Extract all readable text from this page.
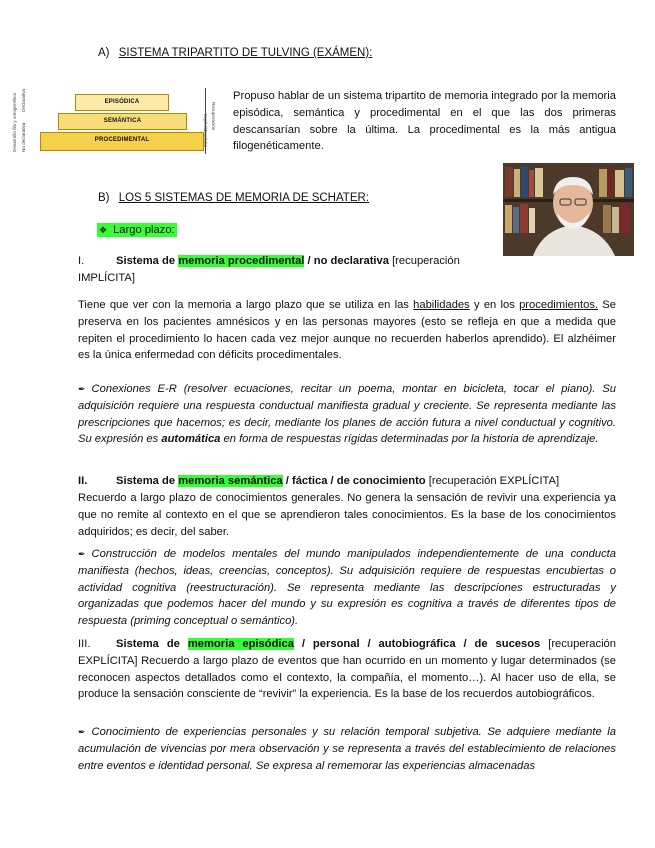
A) SISTEMA TRIPARTITO DE TULVING (EXÁMEN):
Desarrollo filo y ontogenético No declarativa
Declarativa	EPISÓDICA
SEMÁNTICA
PROCEDIMENTAL
Explícita Recuperación
Implícita
Propuso hablar de un sistema tripartito de memoria integrado por la memoria episódica, semántica y procedimental en el que las dos primeras descansarían sobre la última. La procedimental es la más antigua filogenéticamente.
B) LOS 5 SISTEMAS DE MEMORIA DE SCHATER:
❖ Largo plazo:
I.	Sistema de memoria procedimental / no declarativa [recuperación IMPLÍCITA]
Tiene que ver con la memoria a largo plazo que se utiliza en las habilidades y en los procedimientos. Se preserva en los pacientes amnésicos y en las personas mayores (esto se refleja en que a medida que repiten el procedimiento lo hacen cada vez mejor aunque no recuerden haberlos aprendido). El alzhéimer es la única enfermedad con déficits procedimentales.
✒ Conexiones E-R (resolver ecuaciones, recitar un poema, montar en bicicleta, tocar el piano). Su adquisición requiere una respuesta conductual manifiesta gradual y creciente. Se representa mediante las prescripciones que hacemos; es decir, mediante los planes de acción futura a nivel conductual y cognitivo. Su expresión es automática en forma de respuestas rígidas determinadas por la historia de aprendizaje.
II.	Sistema de memoria semántica / fáctica / de conocimiento [recuperación EXPLÍCITA]
Recuerdo a largo plazo de conocimientos generales. No genera la sensación de revivir una experiencia ya que no remite al contexto en el que se aprendieron tales conocimientos. Es la base de los conocimientos adquiridos; es decir, del saber.
✒ Construcción de modelos mentales del mundo manipulados independientemente de una conducta manifiesta (hechos, ideas, creencias, conceptos). Su adquisición requiere de respuestas encubiertas o actividad cognitiva (reestructuración). Se representa mediante las descripciones estructuradas y organizadas que podemos hacer del mundo y su expresión es cognitiva a través de diferentes tipos de respuesta (priming conceptual o semántico).
III. Sistema de memoria episódica / personal / autobiográfica / de sucesos [recuperación EXPLÍCITA] Recuerdo a largo plazo de eventos que han ocurrido en un momento y lugar determinados (se reconocen aspectos detallados como el contexto, la compañía, el momento…). Al hacer uso de ella, se produce la sensación consciente de “revivir” la experiencia. Es la base de los recuerdos autobiográficos.
✒ Conocimiento de experiencias personales y su relación temporal subjetiva. Se adquiere mediante la acumulación de vivencias por mera observación y se representa a través del establecimiento de relaciones entre eventos e identidad personal. Se expresa al rememorar las experiencias almacenadas
